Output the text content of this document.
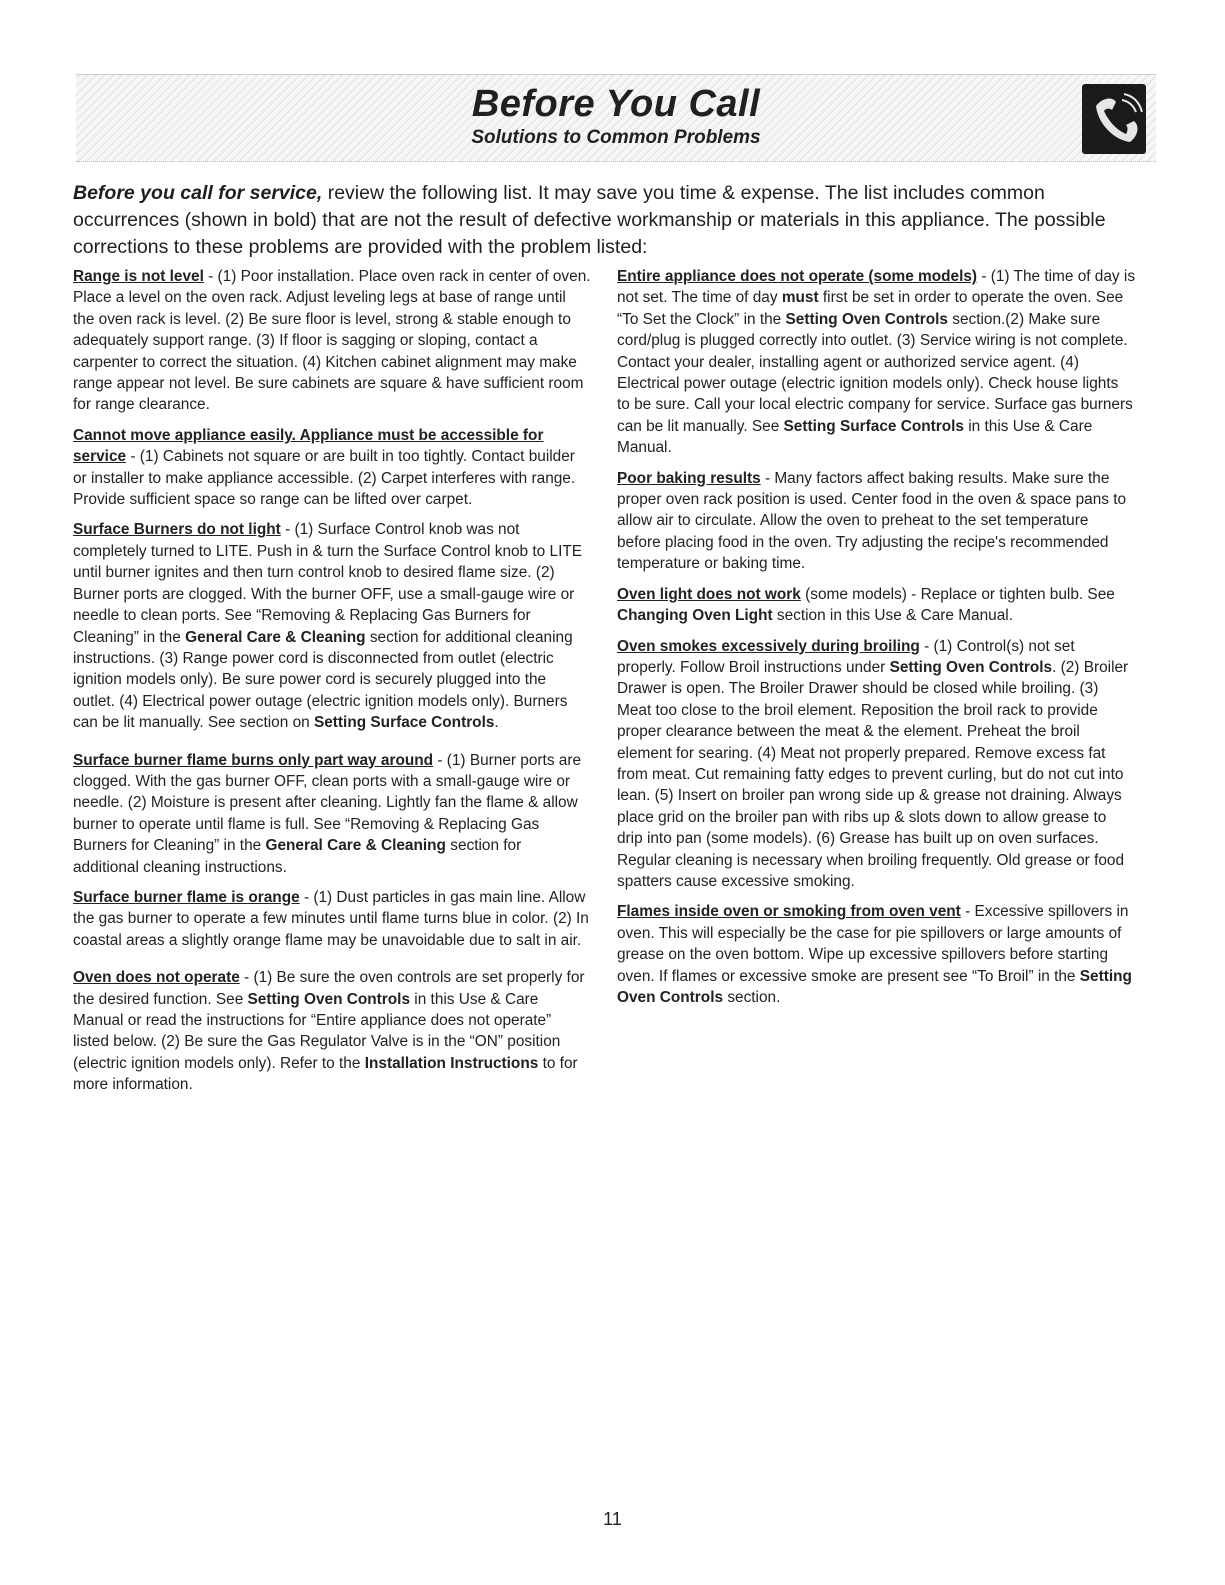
Before You Call
Solutions to Common Problems

Before you call for service, review the following list. It may save you time & expense. The list includes common occurrences (shown in bold) that are not the result of defective workmanship or materials in this appliance. The possible corrections to these problems are provided with the problem listed:

Range is not level - (1) Poor installation. Place oven rack in center of oven. Place a level on the oven rack. Adjust leveling legs at base of range until the oven rack is level. (2) Be sure floor is level, strong & stable enough to adequately support range. (3) If floor is sagging or sloping, contact a carpenter to correct the situation. (4) Kitchen cabinet alignment may make range appear not level. Be sure cabinets are square & have sufficient room for range clearance.

Cannot move appliance easily. Appliance must be accessible for service - (1) Cabinets not square or are built in too tightly. Contact builder or installer to make appliance accessible. (2) Carpet interferes with range. Provide sufficient space so range can be lifted over carpet.

Surface Burners do not light - (1) Surface Control knob was not completely turned to LITE. Push in & turn the Surface Control knob to LITE until burner ignites and then turn control knob to desired flame size. (2) Burner ports are clogged. With the burner OFF, use a small-gauge wire or needle to clean ports. See “Removing & Replacing Gas Burners for Cleaning” in the General Care & Cleaning section for additional cleaning instructions. (3) Range power cord is disconnected from outlet (electric ignition models only). Be sure power cord is securely plugged into the outlet. (4) Electrical power outage (electric ignition models only). Burners can be lit manually. See section on Setting Surface Controls.

Surface burner flame burns only part way around - (1) Burner ports are clogged. With the gas burner OFF, clean ports with a small-gauge wire or needle. (2) Moisture is present after cleaning. Lightly fan the flame & allow burner to operate until flame is full. See “Removing & Replacing Gas Burners for Cleaning” in the General Care & Cleaning section for additional cleaning instructions.

Surface burner flame is orange - (1) Dust particles in gas main line. Allow the gas burner to operate a few minutes until flame turns blue in color. (2) In coastal areas a slightly orange flame may be unavoidable due to salt in air.

Oven does not operate - (1) Be sure the oven controls are set properly for the desired function. See Setting Oven Controls in this Use & Care Manual or read the instructions for “Entire appliance does not operate” listed below. (2) Be sure the Gas Regulator Valve is in the “ON” position (electric ignition models only). Refer to the Installation Instructions to for more information.

Entire appliance does not operate (some models) - (1) The time of day is not set. The time of day must first be set in order to operate the oven. See “To Set the Clock” in the Setting Oven Controls section.(2) Make sure cord/plug is plugged correctly into outlet. (3) Service wiring is not complete. Contact your dealer, installing agent or authorized service agent. (4) Electrical power outage (electric ignition models only). Check house lights to be sure. Call your local electric company for service. Surface gas burners can be lit manually. See Setting Surface Controls in this Use & Care Manual.

Poor baking results - Many factors affect baking results. Make sure the proper oven rack position is used. Center food in the oven & space pans to allow air to circulate. Allow the oven to preheat to the set temperature before placing food in the oven. Try adjusting the recipe's recommended temperature or baking time.

Oven light does not work (some models) - Replace or tighten bulb. See Changing Oven Light section in this Use & Care Manual.

Oven smokes excessively during broiling - (1) Control(s) not set properly. Follow Broil instructions under Setting Oven Controls. (2) Broiler Drawer is open. The Broiler Drawer should be closed while broiling. (3) Meat too close to the broil element. Reposition the broil rack to provide proper clearance between the meat & the element. Preheat the broil element for searing. (4) Meat not properly prepared. Remove excess fat from meat. Cut remaining fatty edges to prevent curling, but do not cut into lean. (5) Insert on broiler pan wrong side up & grease not draining. Always place grid on the broiler pan with ribs up & slots down to allow grease to drip into pan (some models). (6) Grease has built up on oven surfaces. Regular cleaning is necessary when broiling frequently. Old grease or food spatters cause excessive smoking.

Flames inside oven or smoking from oven vent - Excessive spillovers in oven. This will especially be the case for pie spillovers or large amounts of grease on the oven bottom. Wipe up excessive spillovers before starting oven. If flames or excessive smoke are present see “To Broil” in the Setting Oven Controls section.

11
